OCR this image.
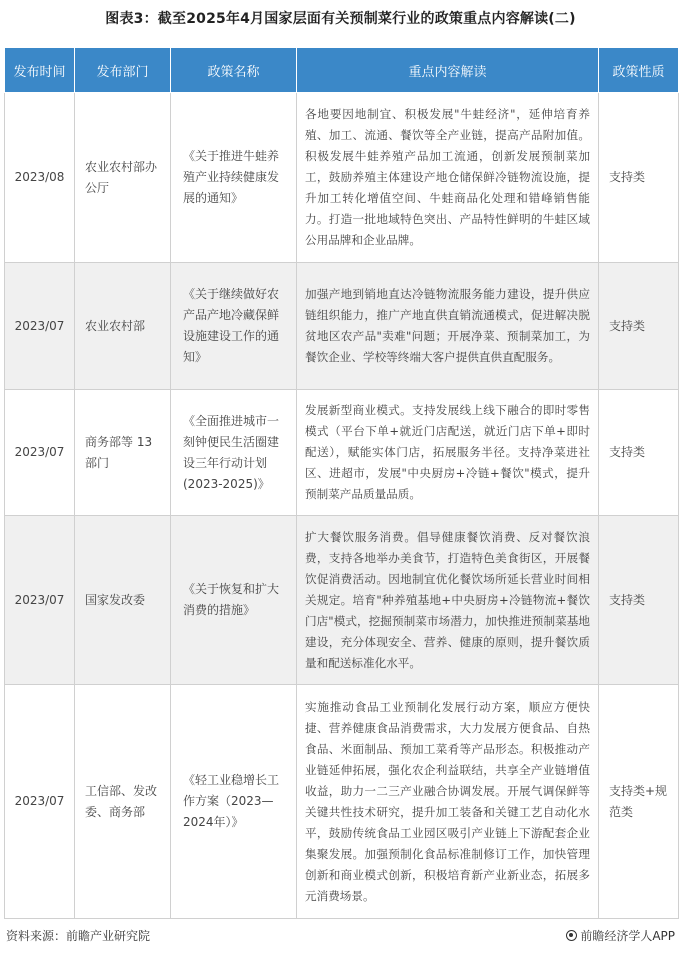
图表3：截至2025年4月国家层面有关预制菜行业的政策重点内容解读(二)
发布时间	发布部门	政策名称	重点内容解读	政策性质
2023/08	农业农村部办公厅	《关于推进牛蛙养殖产业持续健康发展的通知》	各地要因地制宜、积极发展"牛蛙经济"，延伸培育养殖、加工、流通、餐饮等全产业链，提高产品附加值。积极发展牛蛙养殖产品加工流通，创新发展预制菜加工，鼓励养殖主体建设产地仓储保鲜冷链物流设施，提升加工转化增值空间、牛蛙商品化处理和错峰销售能力。打造一批地域特色突出、产品特性鲜明的牛蛙区域公用品牌和企业品牌。	支持类
2023/07	农业农村部	《关于继续做好农产品产地冷藏保鲜设施建设工作的通知》	加强产地到销地直达冷链物流服务能力建设，提升供应链组织能力，推广产地直供直销流通模式，促进解决脱贫地区农产品"卖难"问题；开展净菜、预制菜加工，为餐饮企业、学校等终端大客户提供直供直配服务。	支持类
2023/07	商务部等 13 部门	《全面推进城市一刻钟便民生活圈建设三年行动计划(2023-2025)》	发展新型商业模式。支持发展线上线下融合的即时零售模式（平台下单+就近门店配送，就近门店下单+即时配送），赋能实体门店，拓展服务半径。支持净菜进社区、进超市，发展"中央厨房+冷链+餐饮"模式，提升预制菜产品质量品质。	支持类
2023/07	国家发改委	《关于恢复和扩大消费的措施》	扩大餐饮服务消费。倡导健康餐饮消费、反对餐饮浪费，支持各地举办美食节，打造特色美食街区，开展餐饮促消费活动。因地制宜优化餐饮场所延长营业时间相关规定。培育"种养殖基地+中央厨房+冷链物流+餐饮门店"模式，挖掘预制菜市场潜力，加快推进预制菜基地建设，充分体现安全、营养、健康的原则，提升餐饮质量和配送标准化水平。	支持类
2023/07	工信部、发改委、商务部	《轻工业稳增长工作方案（2023—2024年）》	实施推动食品工业预制化发展行动方案，顺应方便快捷、营养健康食品消费需求，大力发展方便食品、自热食品、米面制品、预加工菜肴等产品形态。积极推动产业链延伸拓展，强化农企利益联结，共享全产业链增值收益，助力一二三产业融合协调发展。开展气调保鲜等关键共性技术研究，提升加工装备和关键工艺自动化水平，鼓励传统食品工业园区吸引产业链上下游配套企业集聚发展。加强预制化食品标准制修订工作，加快管理创新和商业模式创新，积极培育新产业新业态，拓展多元消费场景。	支持类+规范类
资料来源：前瞻产业研究院	前瞻经济学人APP
